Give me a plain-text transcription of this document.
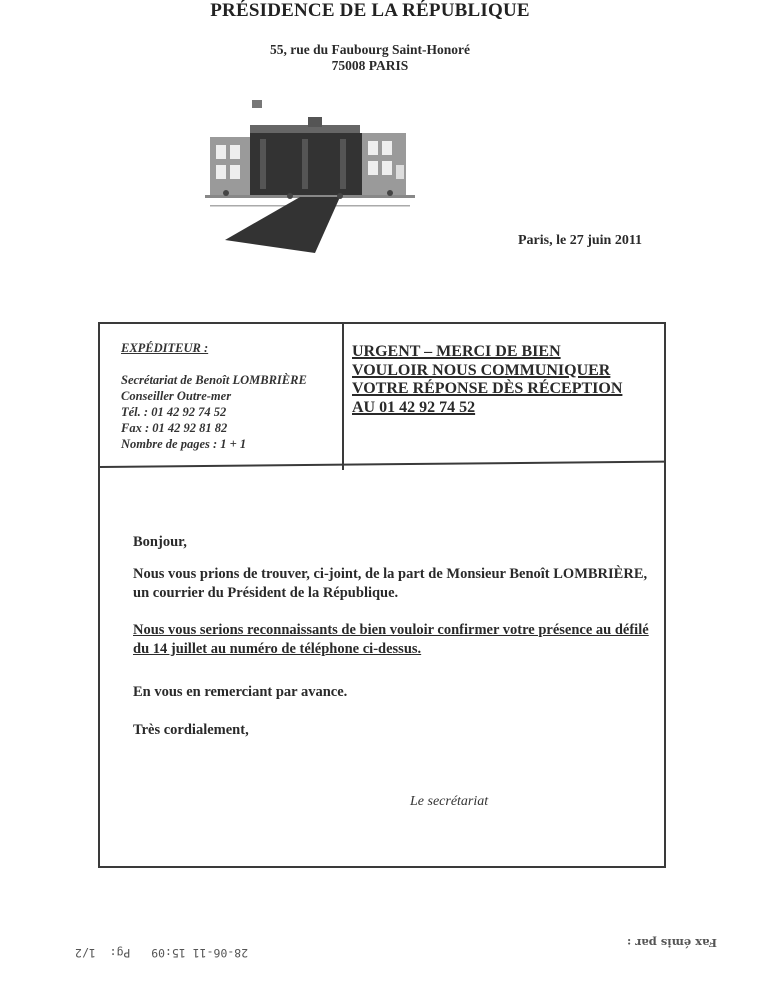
PRÉSIDENCE DE LA RÉPUBLIQUE
55, rue du Faubourg Saint-Honoré
75008 PARIS
Paris, le 27 juin 2011
EXPÉDITEUR :
Secrétariat de Benoît LOMBRIÈRE
Conseiller Outre-mer
Tél. : 01 42 92 74 52
Fax : 01 42 92 81 82
Nombre de pages : 1 + 1
URGENT – MERCI DE BIEN
VOULOIR NOUS COMMUNIQUER
VOTRE RÉPONSE DÈS RÉCEPTION
AU 01 42 92 74 52
Bonjour,
Nous vous prions de trouver, ci-joint, de la part de Monsieur Benoît LOMBRIÈRE, un courrier du Président de la République.
Nous vous serions reconnaissants de bien vouloir confirmer votre présence au défilé du 14 juillet au numéro de téléphone ci-dessus.
En vous en remerciant par avance.
Très cordialement,
Le secrétariat
28-06-11 15:09   Pg:  1/2
Fax émis par :
